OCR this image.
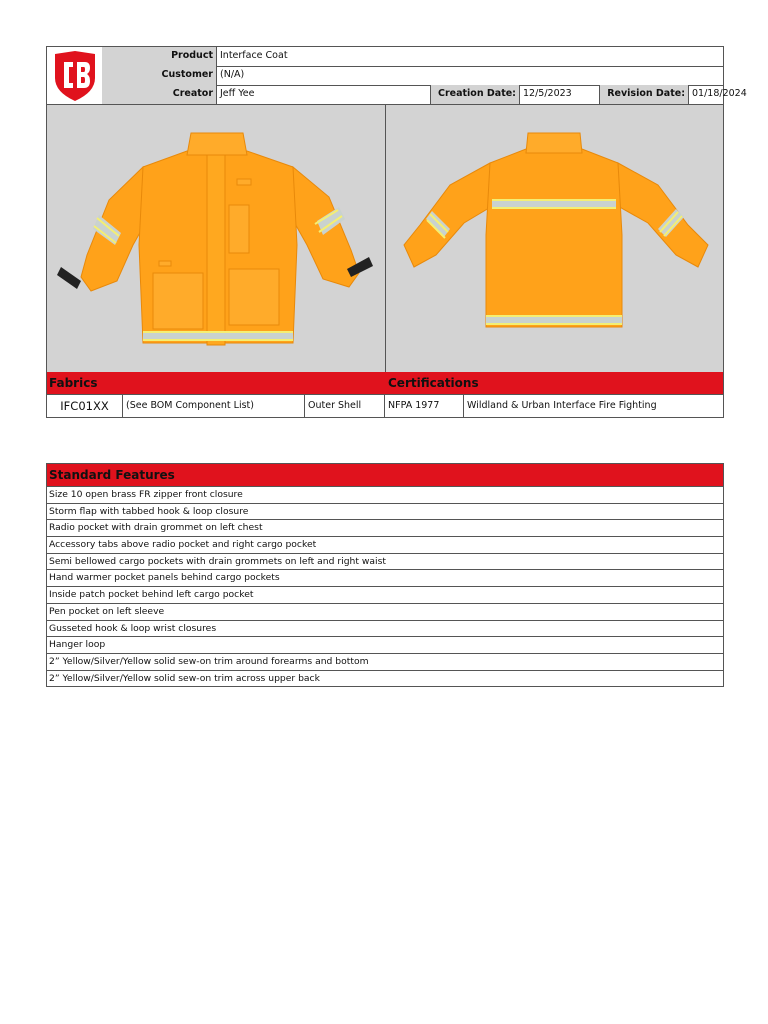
Product Interface Coat
Customer (N/A)
Creator Jeff Yee	Creation Date: 12/5/2023	Revision Date: 01/18/2024
Fabrics	Certifications
IFC01XX	(See BOM Component List)	Outer Shell	NFPA 1977	Wildland & Urban Interface Fire Fighting
Standard Features
Size 10 open brass FR zipper front closure
Storm flap with tabbed hook & loop closure
Radio pocket with drain grommet on left chest
Accessory tabs above radio pocket and right cargo pocket
Semi bellowed cargo pockets with drain grommets on left and right waist
Hand warmer pocket panels behind cargo pockets
Inside patch pocket behind left cargo pocket
Pen pocket on left sleeve
Gusseted hook & loop wrist closures
Hanger loop
2” Yellow/Silver/Yellow solid sew-on trim around forearms and bottom
2” Yellow/Silver/Yellow solid sew-on trim across upper back
